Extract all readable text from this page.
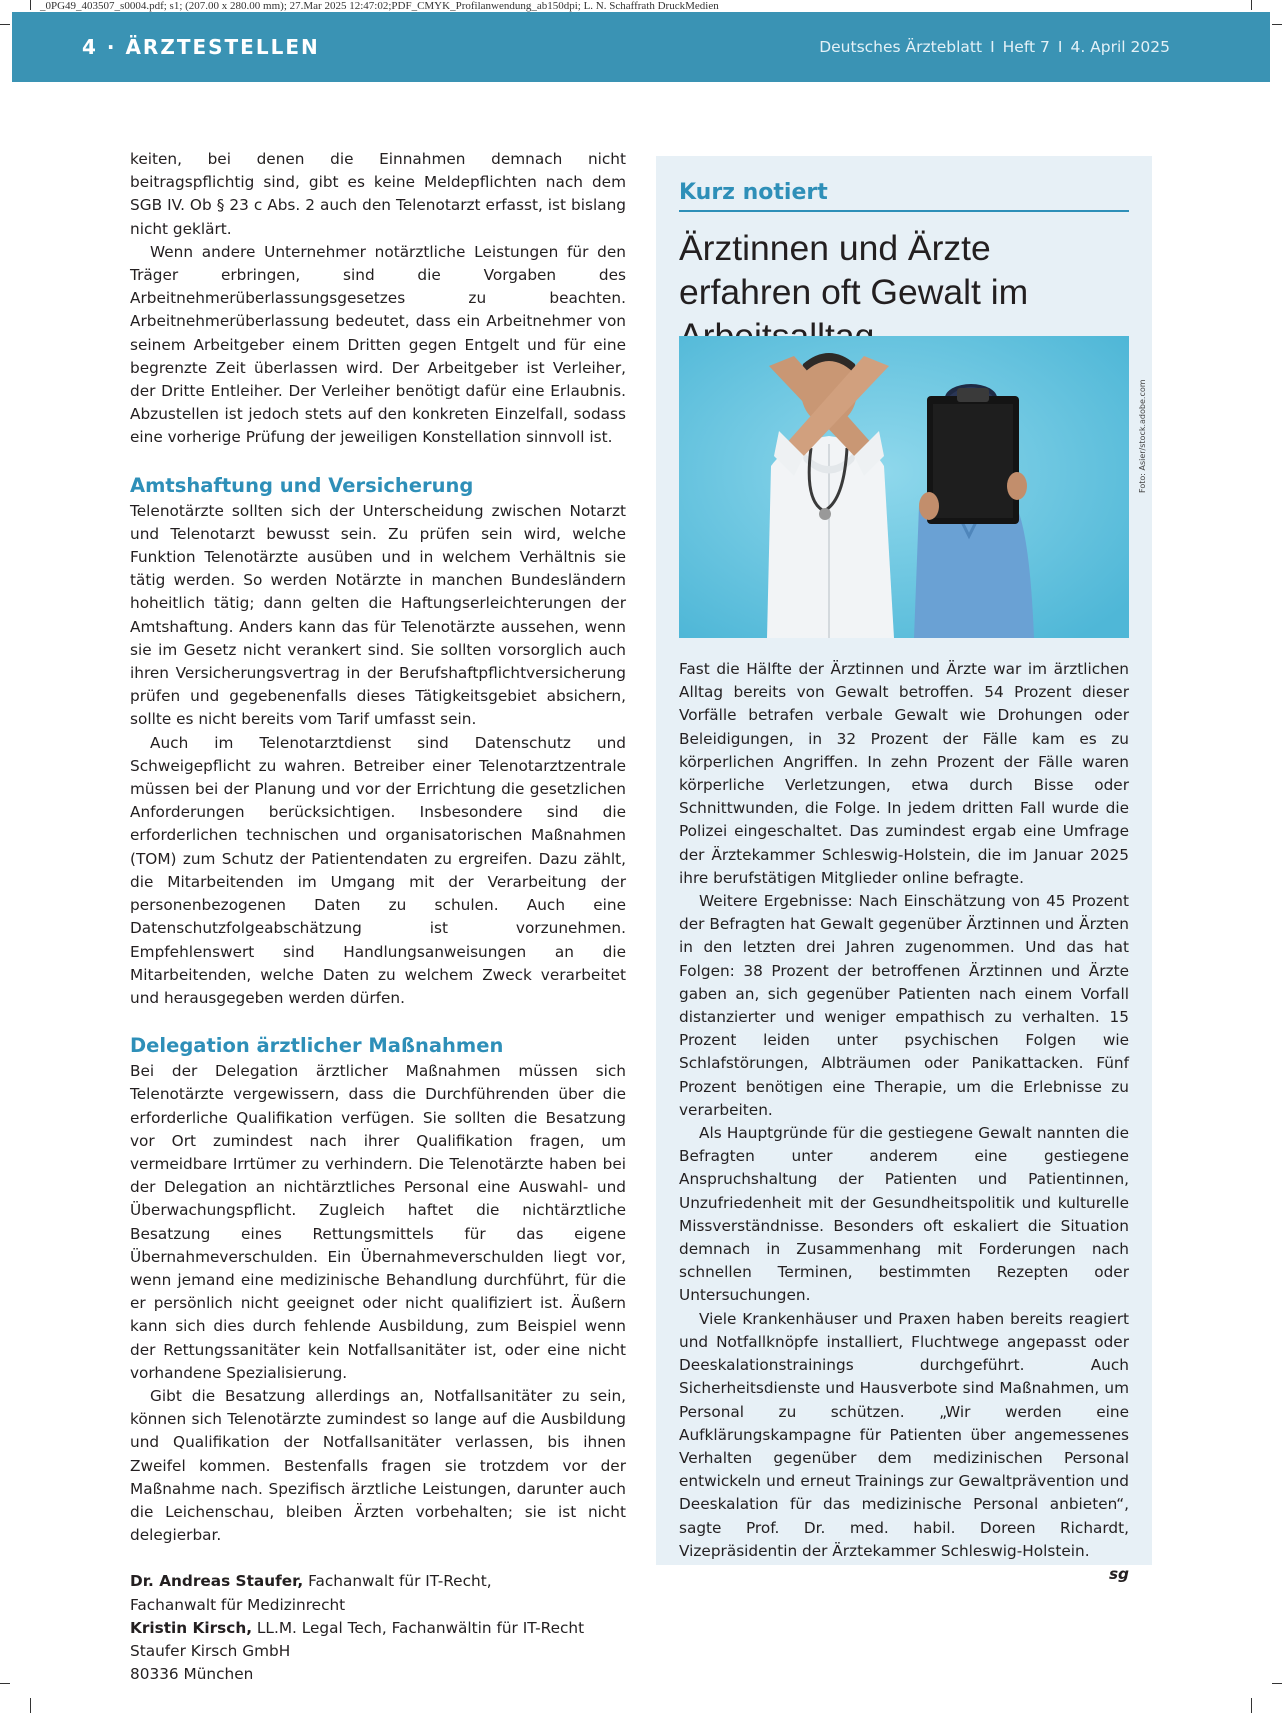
_0PG49_403507_s0004.pdf; s1; (207.00 x 280.00 mm); 27.Mar 2025 12:47:02;PDF_CMYK_Profilanwendung_ab150dpi; L. N. Schaffrath DruckMedien
4 · ÄRZTESTELLEN	Deutsches Ärzteblatt I Heft 7 I 4. April 2025

keiten, bei denen die Einnahmen demnach nicht beitragspflichtig sind, gibt es keine Meldepflichten nach dem SGB IV. Ob § 23 c Abs. 2 auch den Telenotarzt erfasst, ist bislang nicht geklärt.

Wenn andere Unternehmer notärztliche Leistungen für den Träger erbringen, sind die Vorgaben des Arbeitnehmerüberlassungsgesetzes zu beachten. Arbeitnehmerüberlassung bedeutet, dass ein Arbeitnehmer von seinem Arbeitgeber einem Dritten gegen Entgelt und für eine begrenzte Zeit überlassen wird. Der Arbeitgeber ist Verleiher, der Dritte Entleiher. Der Verleiher benötigt dafür eine Erlaubnis. Abzustellen ist jedoch stets auf den konkreten Einzelfall, sodass eine vorherige Prüfung der jeweiligen Konstellation sinnvoll ist.

Amtshaftung und Versicherung

Telenotärzte sollten sich der Unterscheidung zwischen Notarzt und Telenotarzt bewusst sein. Zu prüfen sein wird, welche Funktion Telenotärzte ausüben und in welchem Verhältnis sie tätig werden. So werden Notärzte in manchen Bundesländern hoheitlich tätig; dann gelten die Haftungserleichterungen der Amtshaftung. Anders kann das für Telenotärzte aussehen, wenn sie im Gesetz nicht verankert sind. Sie sollten vorsorglich auch ihren Versicherungsvertrag in der Berufshaftpflichtversicherung prüfen und gegebenenfalls dieses Tätigkeitsgebiet absichern, sollte es nicht bereits vom Tarif umfasst sein.

Auch im Telenotarztdienst sind Datenschutz und Schweigepflicht zu wahren. Betreiber einer Telenotarztzentrale müssen bei der Planung und vor der Errichtung die gesetzlichen Anforderungen berücksichtigen. Insbesondere sind die erforderlichen technischen und organisatorischen Maßnahmen (TOM) zum Schutz der Patientendaten zu ergreifen. Dazu zählt, die Mitarbeitenden im Umgang mit der Verarbeitung der personenbezogenen Daten zu schulen. Auch eine Datenschutzfolgeabschätzung ist vorzunehmen. Empfehlenswert sind Handlungsanweisungen an die Mitarbeitenden, welche Daten zu welchem Zweck verarbeitet und herausgegeben werden dürfen.

Delegation ärztlicher Maßnahmen

Bei der Delegation ärztlicher Maßnahmen müssen sich Telenotärzte vergewissern, dass die Durchführenden über die erforderliche Qualifikation verfügen. Sie sollten die Besatzung vor Ort zumindest nach ihrer Qualifikation fragen, um vermeidbare Irrtümer zu verhindern. Die Telenotärzte haben bei der Delegation an nichtärztliches Personal eine Auswahl- und Überwachungspflicht. Zugleich haftet die nichtärztliche Besatzung eines Rettungsmittels für das eigene Übernahmeverschulden. Ein Übernahmeverschulden liegt vor, wenn jemand eine medizinische Behandlung durchführt, für die er persönlich nicht geeignet oder nicht qualifiziert ist. Äußern kann sich dies durch fehlende Ausbildung, zum Beispiel wenn der Rettungssanitäter kein Notfallsanitäter ist, oder eine nicht vorhandene Spezialisierung.

Gibt die Besatzung allerdings an, Notfallsanitäter zu sein, können sich Telenotärzte zumindest so lange auf die Ausbildung und Qualifikation der Notfallsanitäter verlassen, bis ihnen Zweifel kommen. Bestenfalls fragen sie trotzdem vor der Maßnahme nach. Spezifisch ärztliche Leistungen, darunter auch die Leichenschau, bleiben Ärzten vorbehalten; sie ist nicht delegierbar.

Dr. Andreas Staufer, Fachanwalt für IT-Recht,
Fachanwalt für Medizinrecht
Kristin Kirsch, LL.M. Legal Tech, Fachanwältin für IT-Recht
Staufer Kirsch GmbH
80336 München
Kurz notiert
Ärztinnen und Ärzte erfahren oft Gewalt im
Foto: Asier/stock.adobe.com

Fast die Hälfte der Ärztinnen und Ärzte war im ärztlichen Alltag bereits von Gewalt betroffen. 54 Prozent dieser Vorfälle betrafen verbale Gewalt wie Drohungen oder Beleidigungen, in 32 Prozent der Fälle kam es zu körperlichen Angriffen. In zehn Prozent der Fälle waren körperliche Verletzungen, etwa durch Bisse oder Schnittwunden, die Folge. In jedem dritten Fall wurde die Polizei eingeschaltet. Das zumindest ergab eine Umfrage der Ärztekammer Schleswig-Holstein, die im Januar 2025 ihre berufstätigen Mitglieder online befragte.

Weitere Ergebnisse: Nach Einschätzung von 45 Prozent der Befragten hat Gewalt gegenüber Ärztinnen und Ärzten in den letzten drei Jahren zugenommen. Und das hat Folgen: 38 Prozent der betroffenen Ärztinnen und Ärzte gaben an, sich gegenüber Patienten nach einem Vorfall distanzierter und weniger empathisch zu verhalten. 15 Prozent leiden unter psychischen Folgen wie Schlafstörungen, Albträumen oder Panikattacken. Fünf Prozent benötigen eine Therapie, um die Erlebnisse zu verarbeiten.

Als Hauptgründe für die gestiegene Gewalt nannten die Befragten unter anderem eine gestiegene Anspruchshaltung der Patienten und Patientinnen, Unzufriedenheit mit der Gesundheitspolitik und kulturelle Missverständnisse. Besonders oft eskaliert die Situation demnach in Zusammenhang mit Forderungen nach schnellen Terminen, bestimmten Rezepten oder Untersuchungen.

Viele Krankenhäuser und Praxen haben bereits reagiert und Notfallknöpfe installiert, Fluchtwege angepasst oder Deeskalationstrainings durchgeführt. Auch Sicherheitsdienste und Hausverbote sind Maßnahmen, um Personal zu schützen. „Wir werden eine Aufklärungskampagne für Patienten über angemessenes Verhalten gegenüber dem medizinischen Personal entwickeln und erneut Trainings zur Gewaltprävention und Deeskalation für das medizinische Personal anbieten“, sagte Prof. Dr. med. habil. Doreen Richardt, Vizepräsidentin der Ärztekammer Schleswig-Holstein.
sg
